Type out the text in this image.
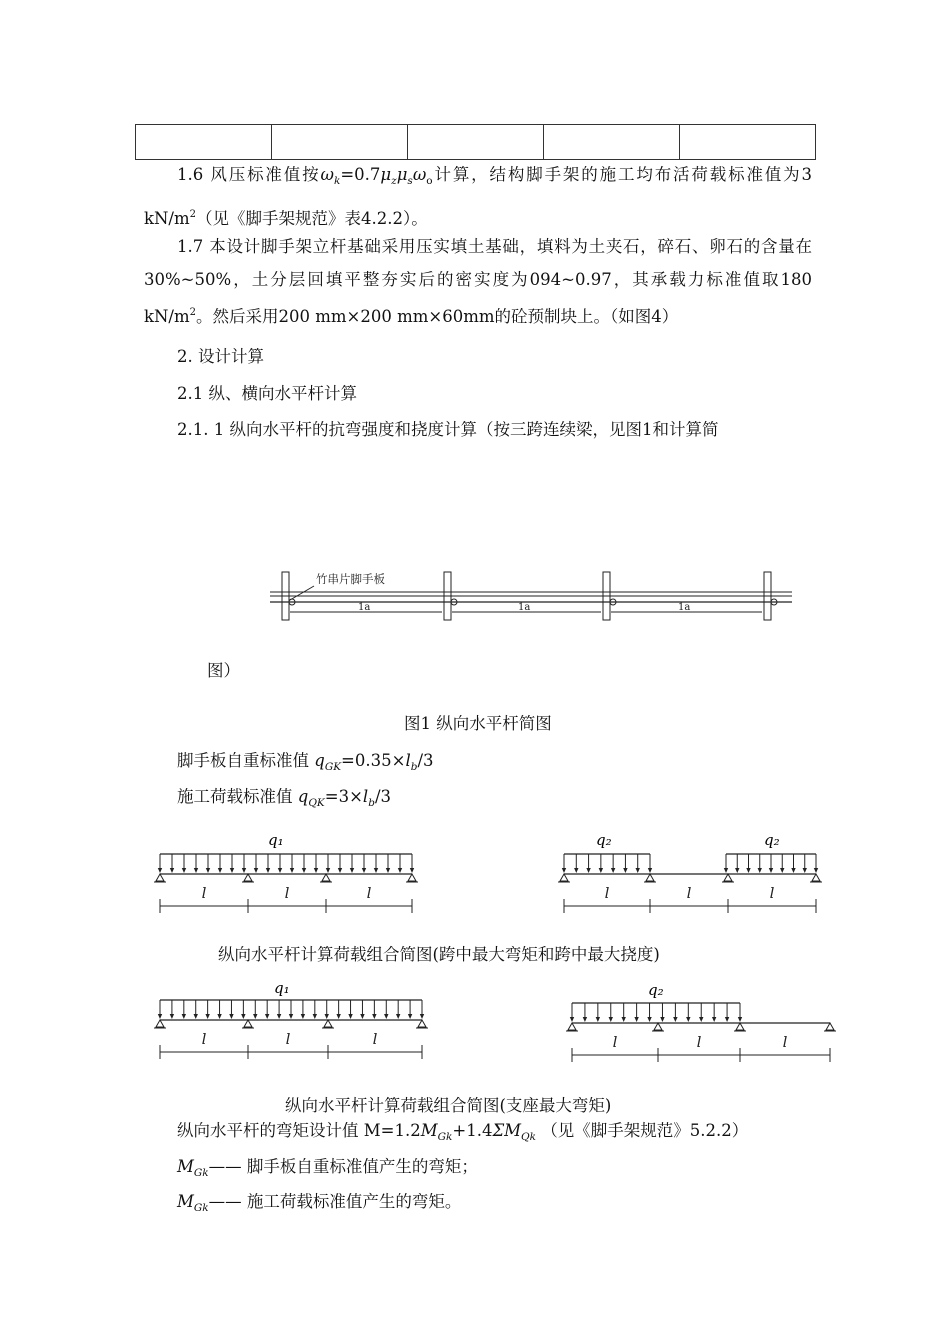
1.6 风压标准值按$\omega_k=0.7\mu_z\mu_s\omega_o$计算，结构脚手架的施工均布活荷载标准值为3 $kN/m^2$（见《脚手架规范》表4.2.2）。

1.7 本设计脚手架立杆基础采用压实填土基础，填料为土夹石，碎石、卵石的含量在30%~50%，土分层回填平整夯实后的密实度为094~0.97，其承载力标准值取180 $kN/m^2$。然后采用200 mm×200 mm×60mm的砼预制块上。（如图4）

2. 设计计算

2.1 纵、横向水平杆计算

2.1. 1 纵向水平杆的抗弯强度和挠度计算（按三跨连续梁，见图1和计算简

竹串片脚手板
1a	1a	1a
图）
图1 纵向水平杆简图
脚手板自重标准值 $q_{GK}=0.35\times l_b/3$
施工荷载标准值 $q_{QK}=3\times l_b/3$
q₁
l	l	l
q₂	q₂
l	l	l
纵向水平杆计算荷载组合简图(跨中最大弯矩和跨中最大挠度)
q₁
l	l	l
q₂
l	l	l
纵向水平杆计算荷载组合简图(支座最大弯矩)
纵向水平杆的弯矩设计值 $M=1.2M_{Gk}+1.4\Sigma M_{Qk}$ （见《脚手架规范》5.2.2）
$M_{Gk}——$ 脚手板自重标准值产生的弯矩；
$M_{Gk}——$ 施工荷载标准值产生的弯矩。
